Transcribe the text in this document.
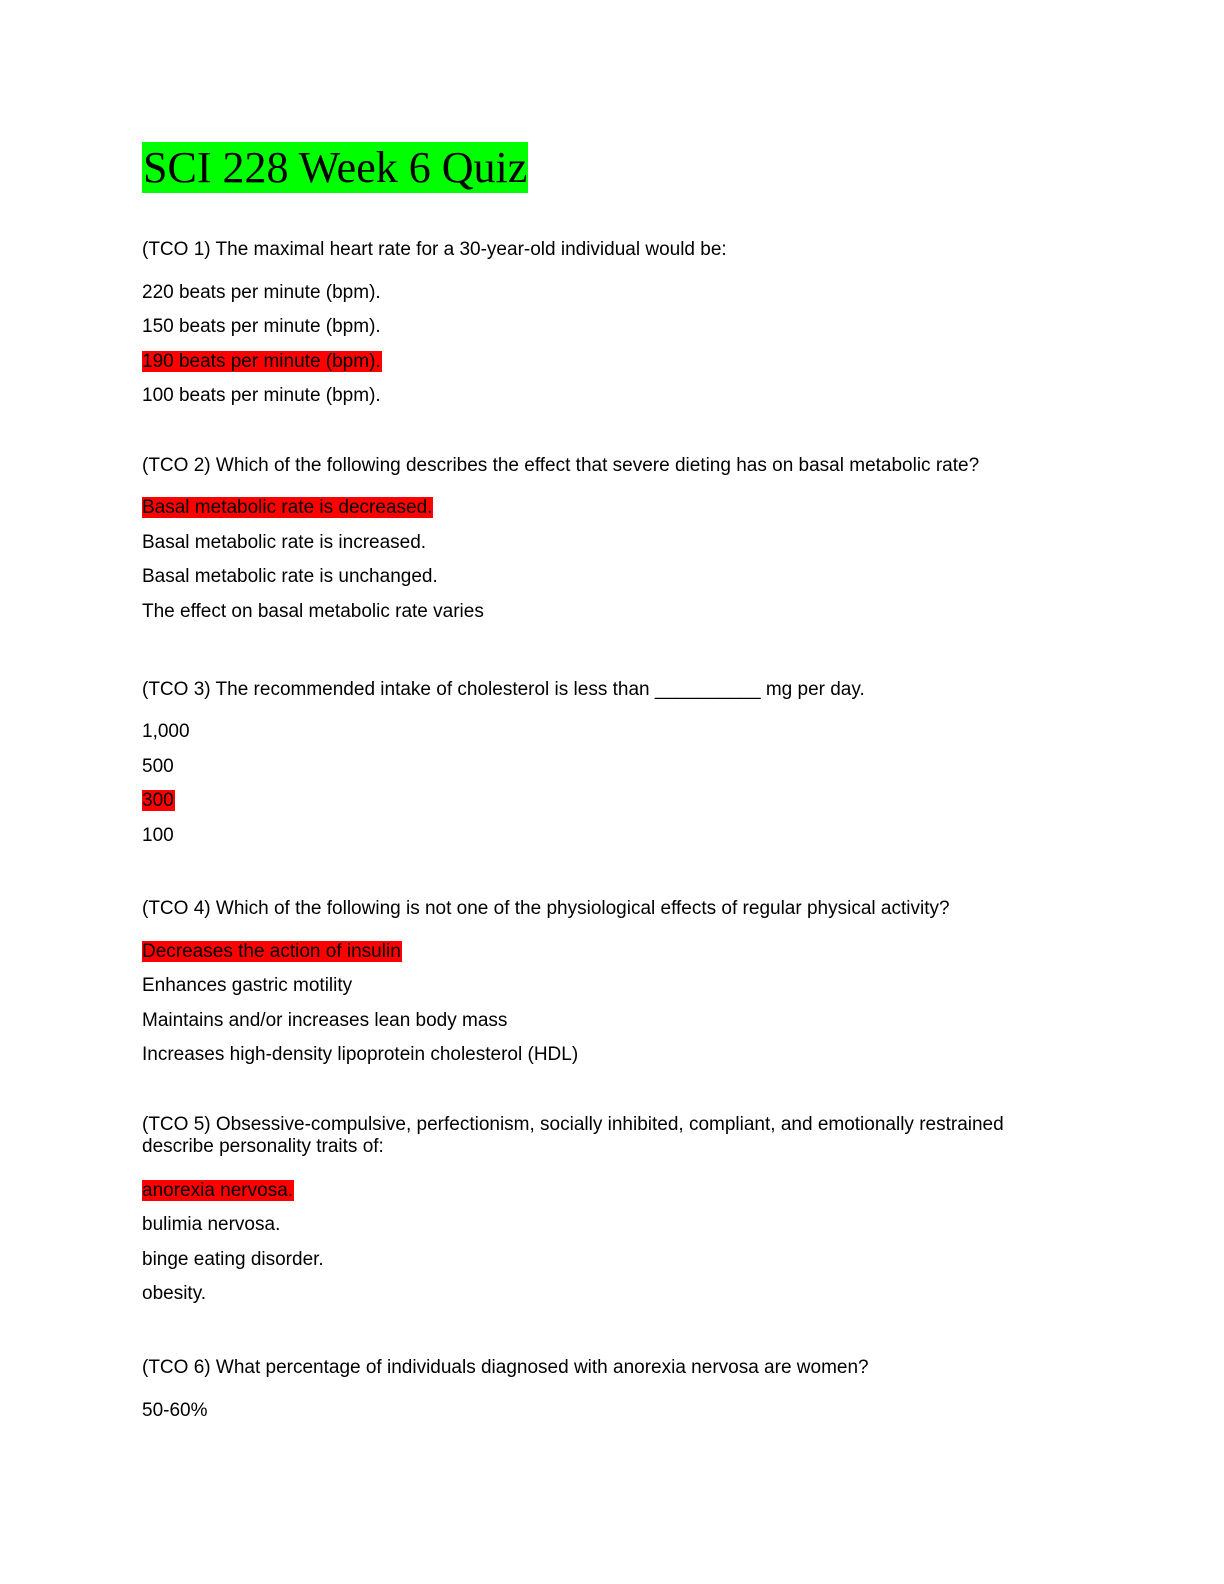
SCI 228 Week 6 Quiz
(TCO 1) The maximal heart rate for a 30-year-old individual would be:
220 beats per minute (bpm).
150 beats per minute (bpm).
190 beats per minute (bpm).
100 beats per minute (bpm).
(TCO 2) Which of the following describes the effect that severe dieting has on basal metabolic rate?
Basal metabolic rate is decreased.
Basal metabolic rate is increased.
Basal metabolic rate is unchanged.
The effect on basal metabolic rate varies
(TCO 3) The recommended intake of cholesterol is less than __________ mg per day.
1,000
500
300
100
(TCO 4) Which of the following is not one of the physiological effects of regular physical activity?
Decreases the action of insulin
Enhances gastric motility
Maintains and/or increases lean body mass
Increases high-density lipoprotein cholesterol (HDL)
(TCO 5) Obsessive-compulsive, perfectionism, socially inhibited, compliant, and emotionally restrained describe personality traits of:
anorexia nervosa.
bulimia nervosa.
binge eating disorder.
obesity.
(TCO 6) What percentage of individuals diagnosed with anorexia nervosa are women?
50-60%
